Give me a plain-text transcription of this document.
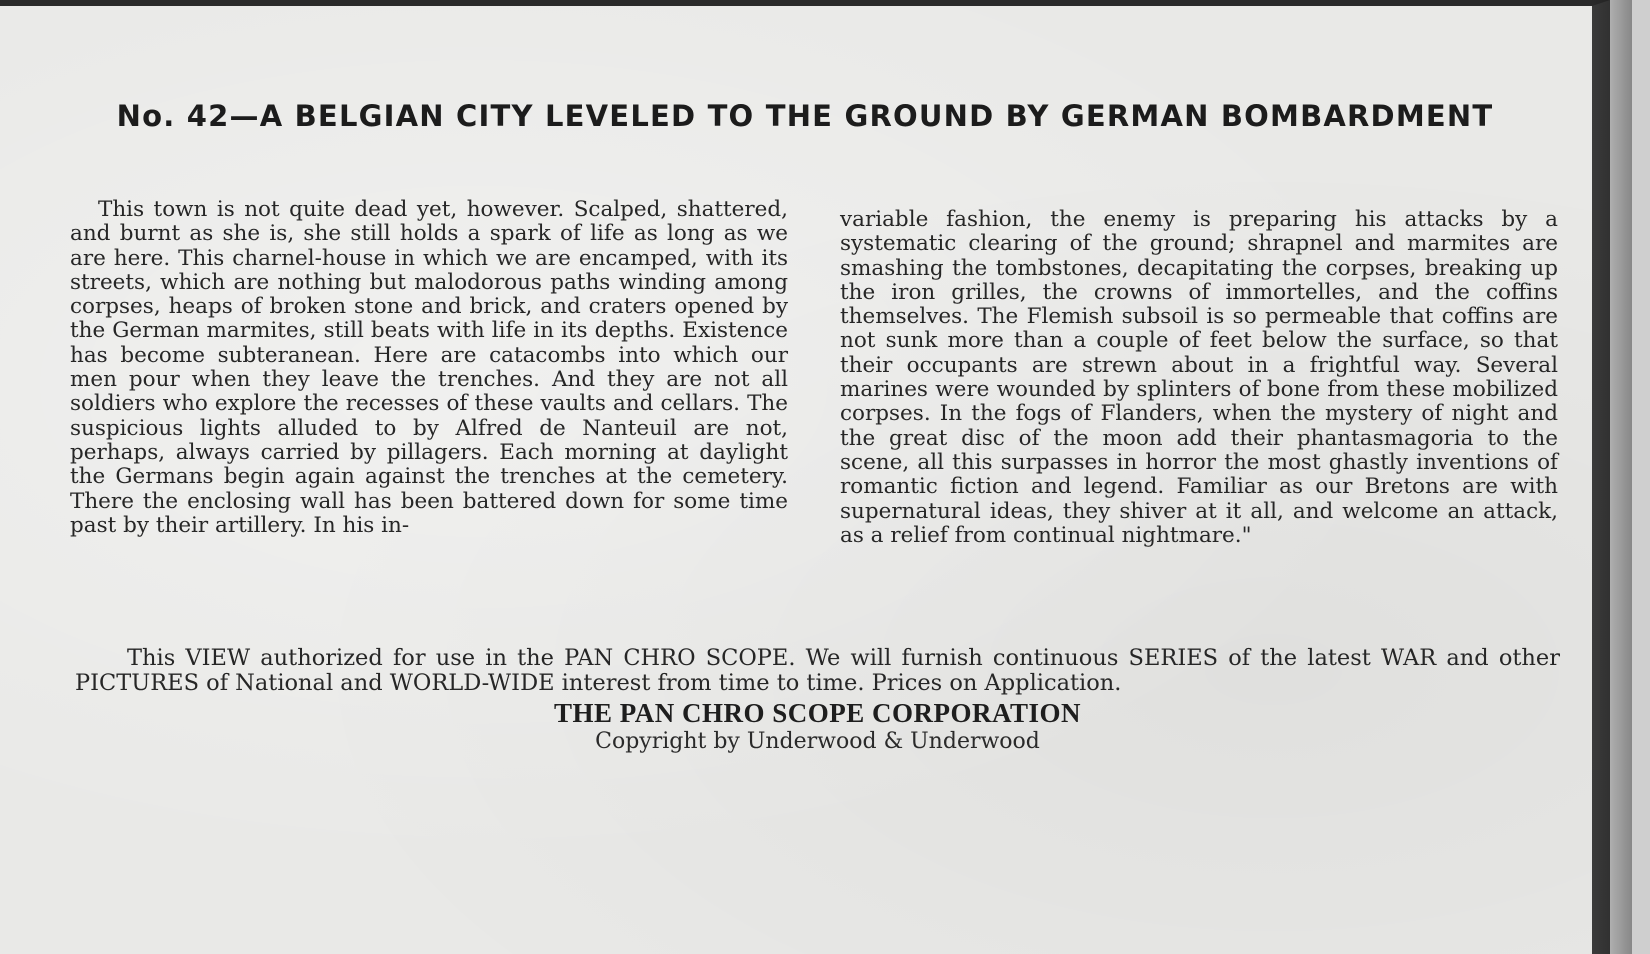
No. 42—A BELGIAN CITY LEVELED TO THE GROUND BY GERMAN BOMBARDMENT

This town is not quite dead yet, however. Scalped, shattered, and burnt as she is, she still holds a spark of life as long as we are here. This charnel-house in which we are encamped, with its streets, which are nothing but malodorous paths winding among corpses, heaps of broken stone and brick, and craters opened by the German marmites, still beats with life in its depths. Existence has become subteranean. Here are catacombs into which our men pour when they leave the trenches. And they are not all soldiers who explore the recesses of these vaults and cellars. The suspicious lights alluded to by Alfred de Nanteuil are not, perhaps, always carried by pillagers. Each morning at daylight the Germans begin again against the trenches at the cemetery. There the enclosing wall has been battered down for some time past by their artillery. In his in-

variable fashion, the enemy is preparing his attacks by a systematic clearing of the ground; shrapnel and marmites are smashing the tombstones, decapitating the corpses, breaking up the iron grilles, the crowns of immortelles, and the coffins themselves. The Flemish subsoil is so permeable that coffins are not sunk more than a couple of feet below the surface, so that their occupants are strewn about in a frightful way. Several marines were wounded by splinters of bone from these mobilized corpses. In the fogs of Flanders, when the mystery of night and the great disc of the moon add their phantasmagoria to the scene, all this surpasses in horror the most ghastly inventions of romantic fiction and legend. Familiar as our Bretons are with supernatural ideas, they shiver at it all, and welcome an attack, as a relief from continual nightmare."

This VIEW authorized for use in the PAN CHRO SCOPE. We will furnish continuous SERIES of the latest WAR and other PICTURES of National and WORLD-WIDE interest from time to time. Prices on Application.

THE PAN CHRO SCOPE CORPORATION

Copyright by Underwood & Underwood
